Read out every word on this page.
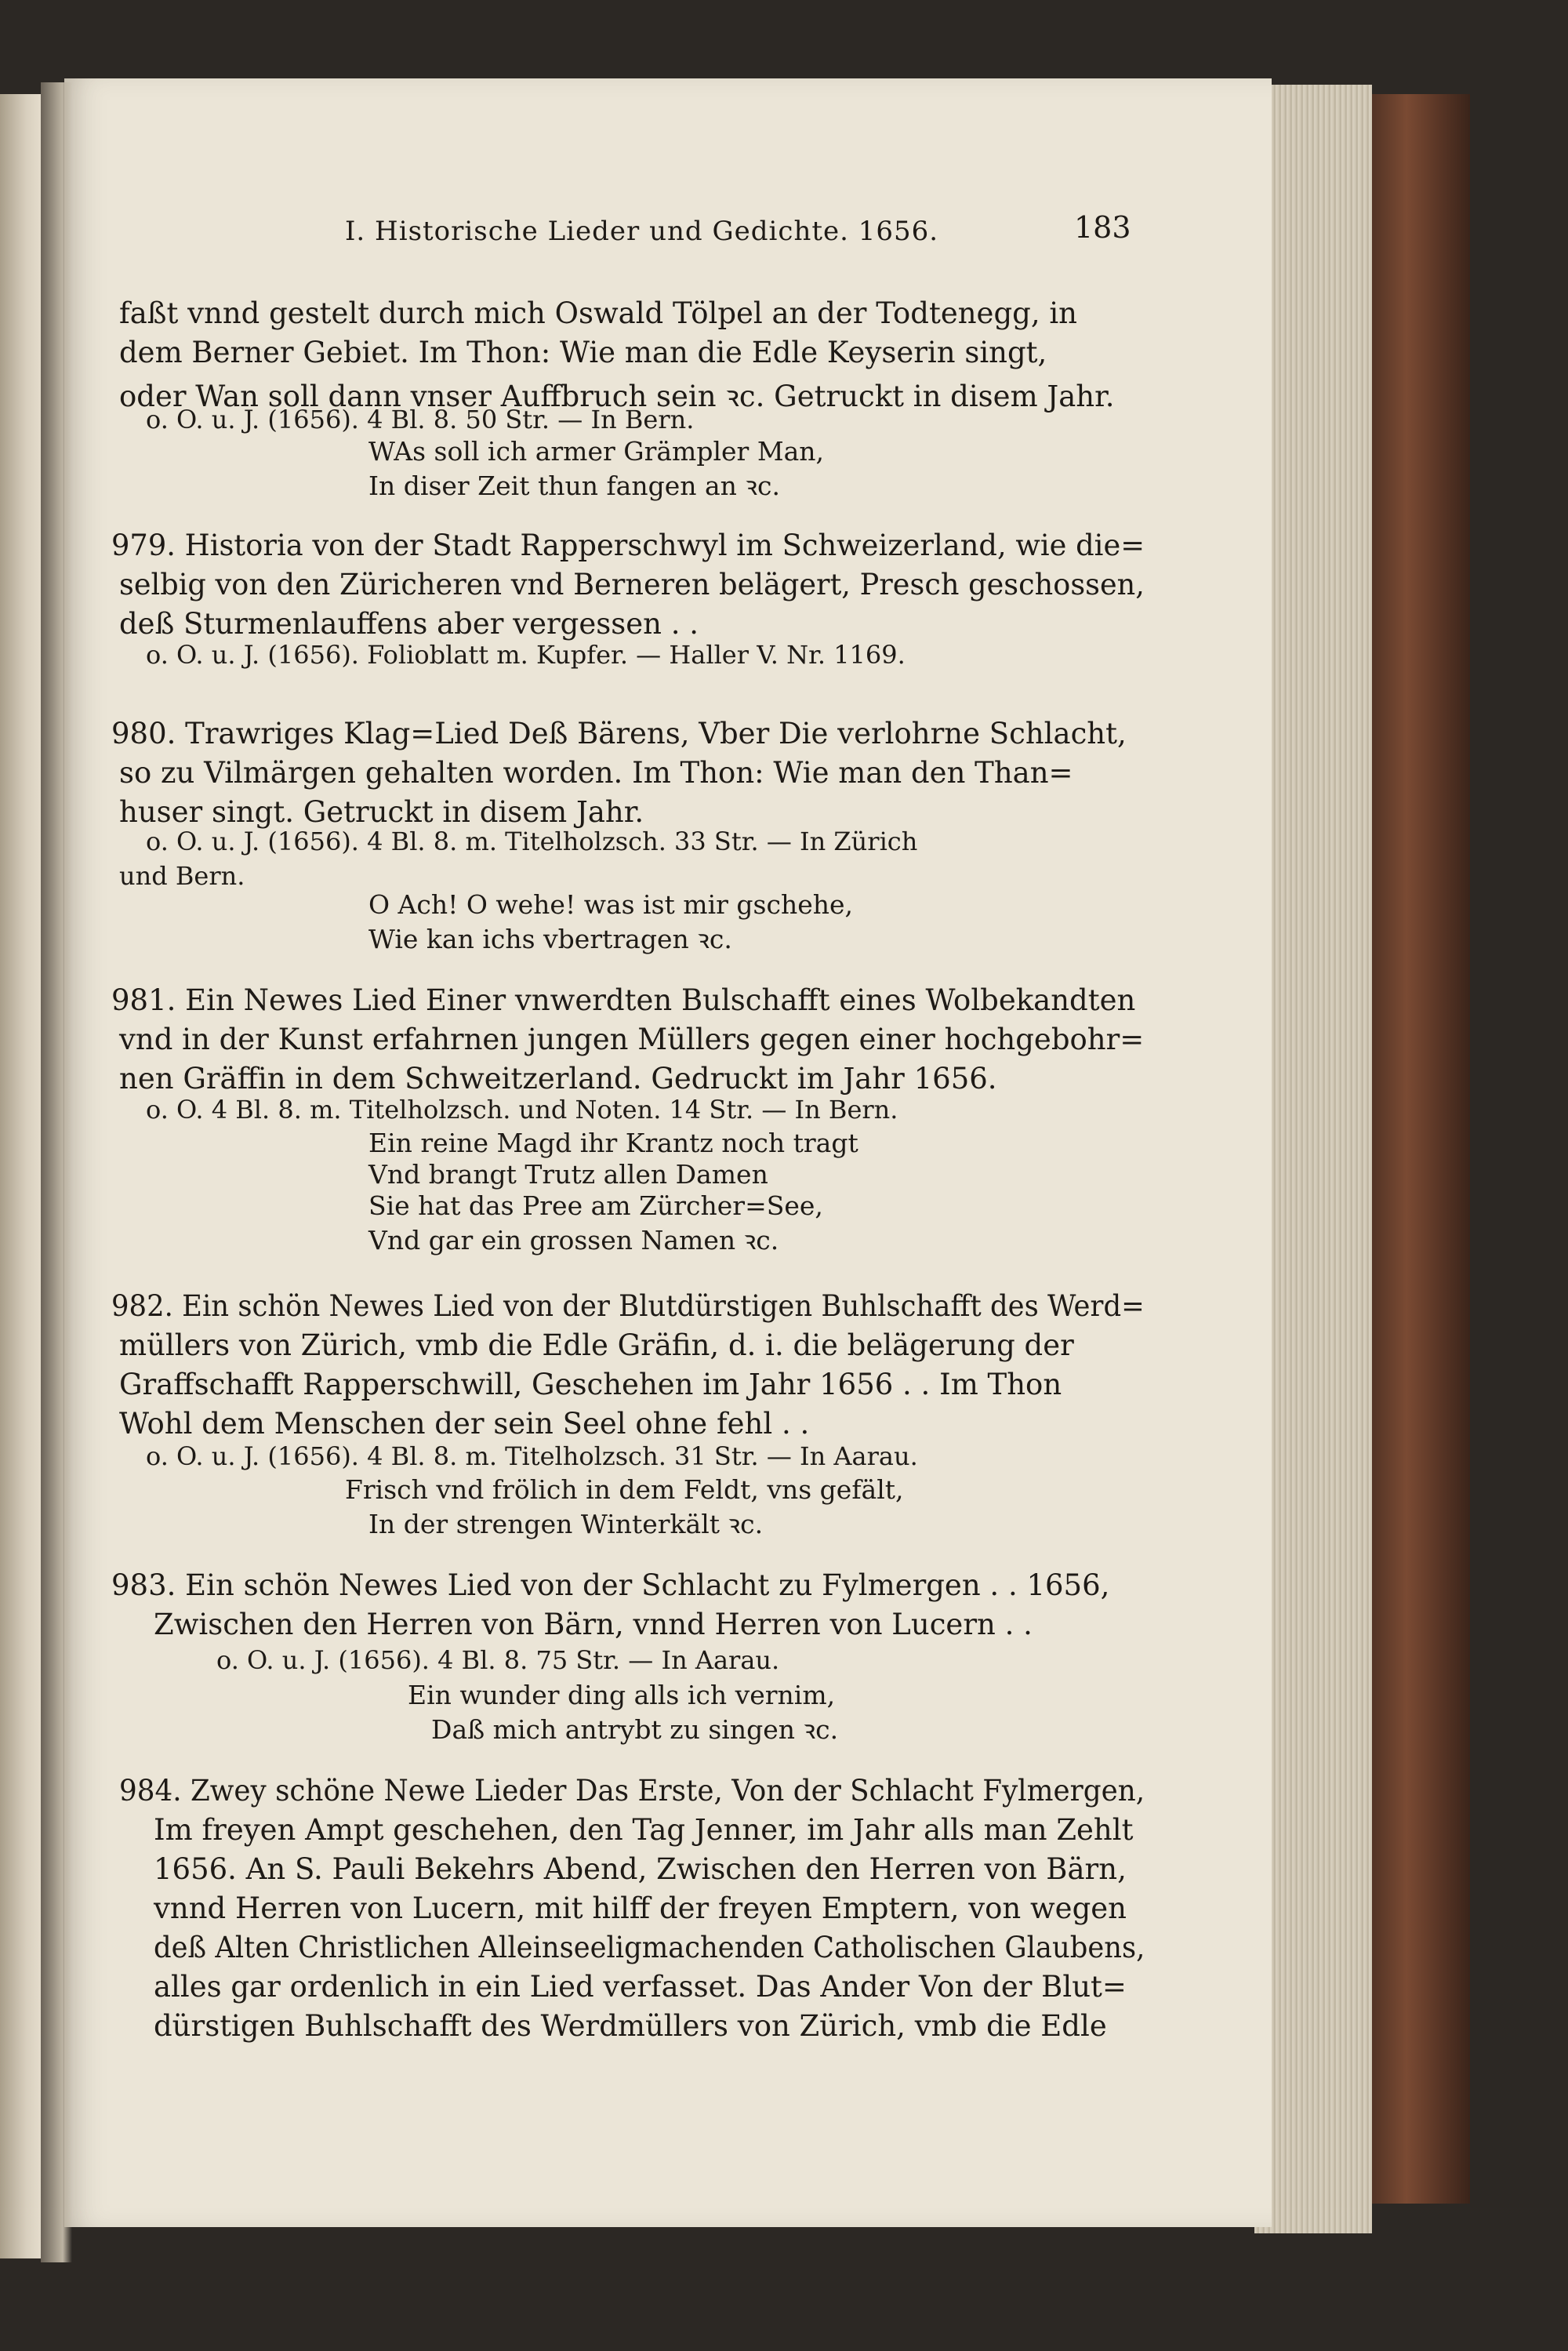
I. Historische Lieder und Gedichte. 1656.	183
faßt vnnd gestelt durch mich Oswald Tölpel an der Todtenegg, in
dem Berner Gebiet. Im Thon: Wie man die Edle Keyserin singt,
oder Wan soll dann vnser Auffbruch sein ꝛc. Getruckt in disem Jahr.
o. O. u. J. (1656). 4 Bl. 8. 50 Str. — In Bern.
WAs soll ich armer Grämpler Man,
In diser Zeit thun fangen an ꝛc.
979. Historia von der Stadt Rapperschwyl im Schweizerland, wie die=
selbig von den Züricheren vnd Berneren belägert, Presch geschossen,
deß Sturmenlauffens aber vergessen . .
o. O. u. J. (1656). Folioblatt m. Kupfer. — Haller V. Nr. 1169.
980. Trawriges Klag=Lied Deß Bärens, Vber Die verlohrne Schlacht,
so zu Vilmärgen gehalten worden. Im Thon: Wie man den Than=
huser singt. Getruckt in disem Jahr.
o. O. u. J. (1656). 4 Bl. 8. m. Titelholzsch. 33 Str. — In Zürich
und Bern.
O Ach! O wehe! was ist mir gschehe,
Wie kan ichs vbertragen ꝛc.
981. Ein Newes Lied Einer vnwerdten Bulschafft eines Wolbekandten
vnd in der Kunst erfahrnen jungen Müllers gegen einer hochgebohr=
nen Gräffin in dem Schweitzerland. Gedruckt im Jahr 1656.
o. O. 4 Bl. 8. m. Titelholzsch. und Noten. 14 Str. — In Bern.
Ein reine Magd ihr Krantz noch tragt
Vnd brangt Trutz allen Damen
Sie hat das Pree am Zürcher=See,
Vnd gar ein grossen Namen ꝛc.
982. Ein schön Newes Lied von der Blutdürstigen Buhlschafft des Werd=
müllers von Zürich, vmb die Edle Gräfin, d. i. die belägerung der
Graffschafft Rapperschwill, Geschehen im Jahr 1656 . . Im Thon
Wohl dem Menschen der sein Seel ohne fehl . .
o. O. u. J. (1656). 4 Bl. 8. m. Titelholzsch. 31 Str. — In Aarau.
Frisch vnd frölich in dem Feldt, vns gefält,
In der strengen Winterkält ꝛc.
983. Ein schön Newes Lied von der Schlacht zu Fylmergen . . 1656,
Zwischen den Herren von Bärn, vnnd Herren von Lucern . .
o. O. u. J. (1656). 4 Bl. 8. 75 Str. — In Aarau.
Ein wunder ding alls ich vernim,
Daß mich antrybt zu singen ꝛc.
984. Zwey schöne Newe Lieder Das Erste, Von der Schlacht Fylmergen,
Im freyen Ampt geschehen, den Tag Jenner, im Jahr alls man Zehlt
1656. An S. Pauli Bekehrs Abend, Zwischen den Herren von Bärn,
vnnd Herren von Lucern, mit hilff der freyen Emptern, von wegen
deß Alten Christlichen Alleinseeligmachenden Catholischen Glaubens,
alles gar ordenlich in ein Lied verfasset. Das Ander Von der Blut=
dürstigen Buhlschafft des Werdmüllers von Zürich, vmb die Edle
